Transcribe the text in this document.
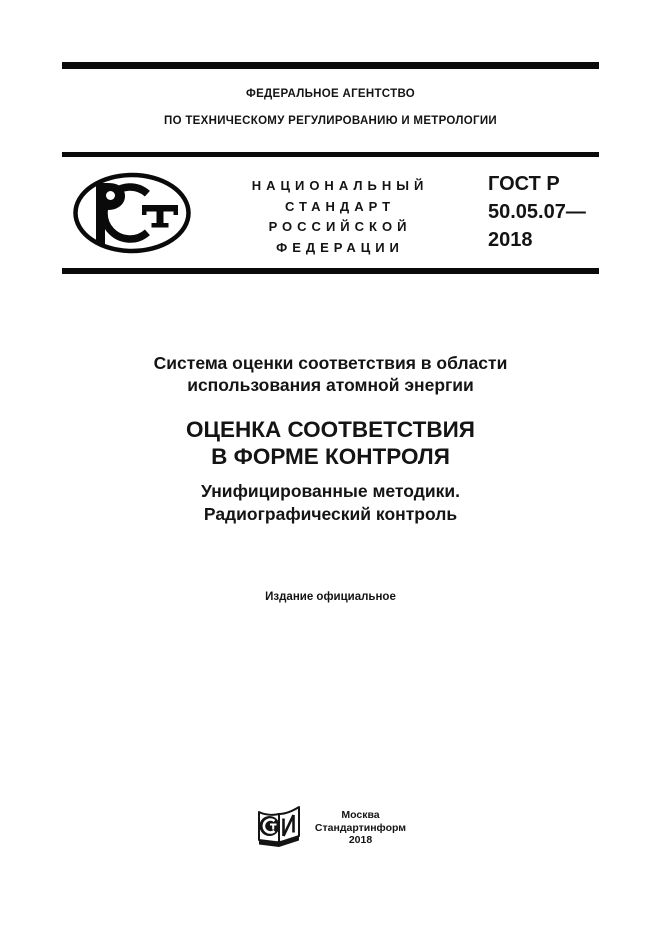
ФЕДЕРАЛЬНОЕ АГЕНТСТВО
ПО ТЕХНИЧЕСКОМУ РЕГУЛИРОВАНИЮ И МЕТРОЛОГИИ
НАЦИОНАЛЬНЫЙ
СТАНДАРТ
РОССИЙСКОЙ
ФЕДЕРАЦИИ
ГОСТ Р
50.05.07—
2018
Система оценки соответствия в области
использования атомной энергии
ОЦЕНКА СООТВЕТСТВИЯ
В ФОРМЕ КОНТРОЛЯ
Унифицированные методики.
Радиографический контроль
Издание официальное
Москва
Стандартинформ
2018
